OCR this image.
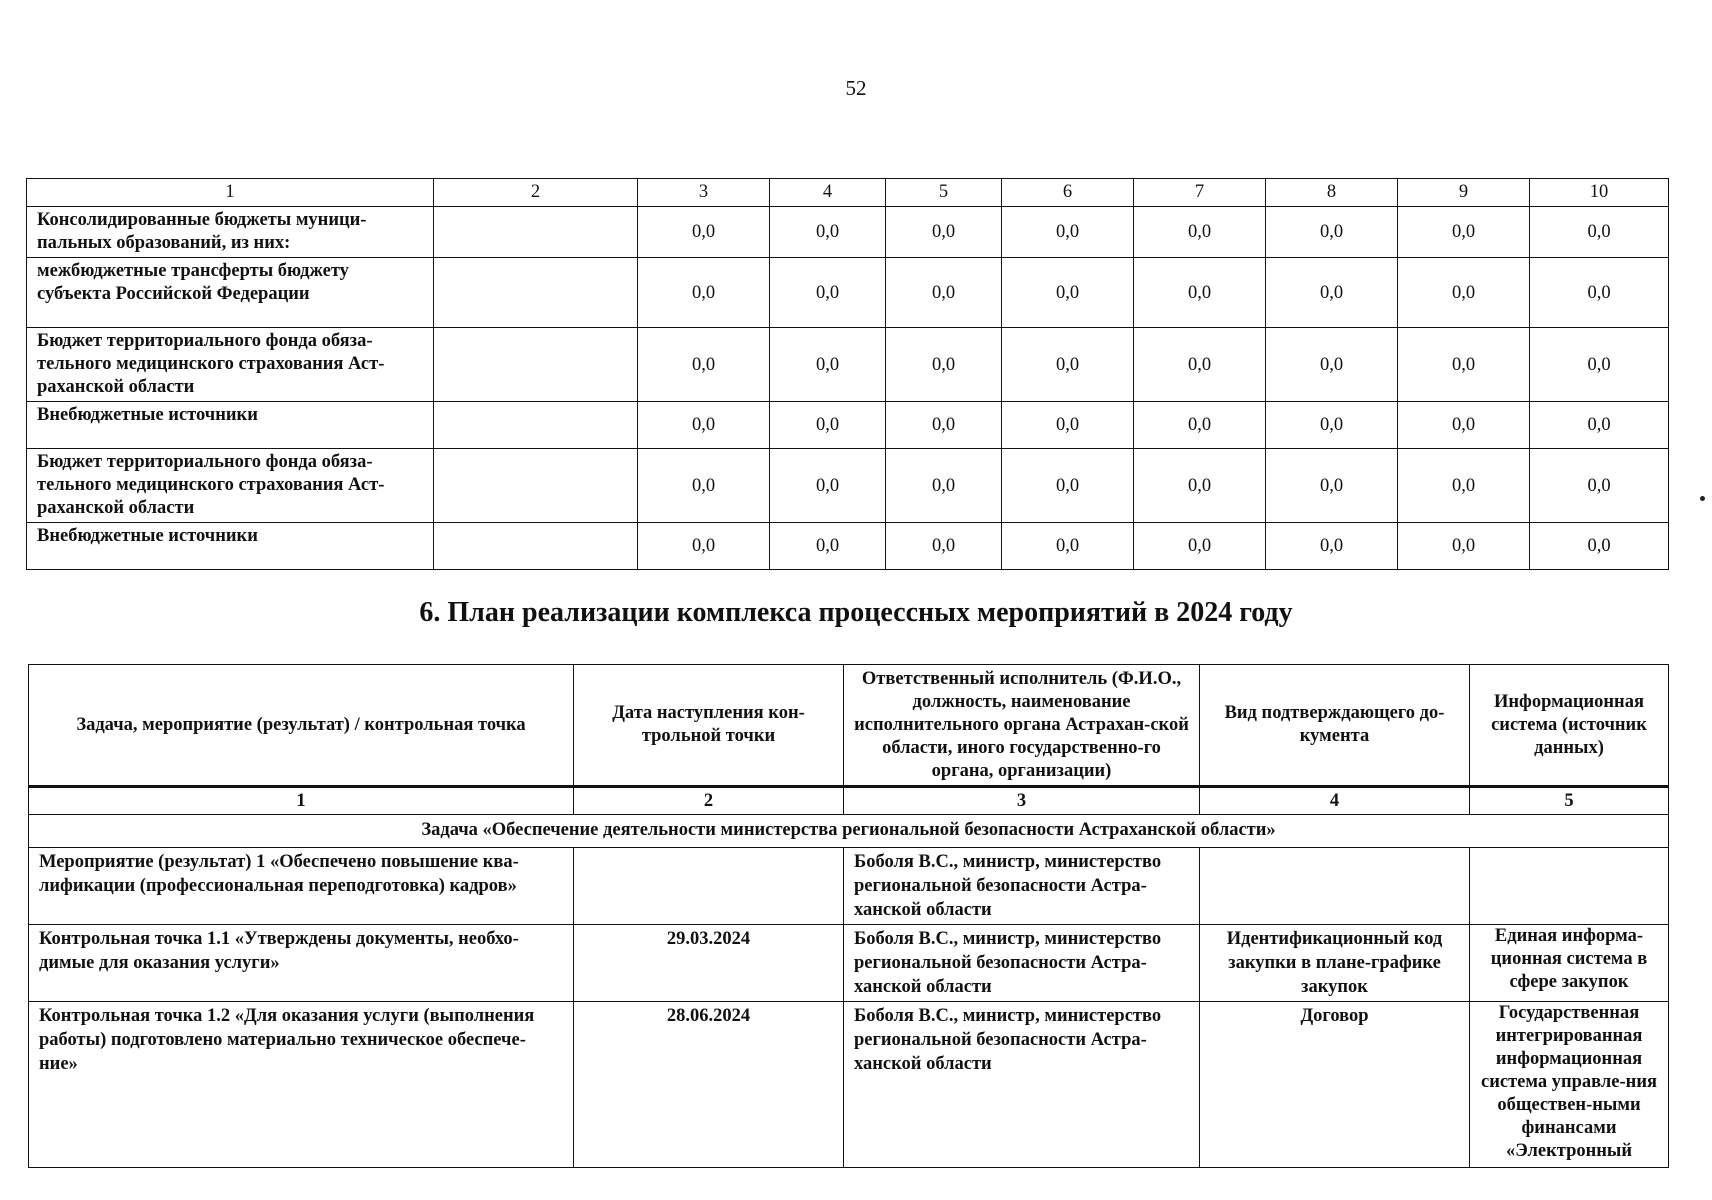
52
1	2	3	4	5	6	7	8	9	10
Консолидированные бюджеты муници-пальных образований, из них:		0,0	0,0	0,0	0,0	0,0	0,0	0,0	0,0
межбюджетные трансферты бюджету субъекта Российской Федерации		0,0	0,0	0,0	0,0	0,0	0,0	0,0	0,0
Бюджет территориального фонда обяза-тельного медицинского страхования Аст-раханской области		0,0	0,0	0,0	0,0	0,0	0,0	0,0	0,0
Внебюджетные источники		0,0	0,0	0,0	0,0	0,0	0,0	0,0	0,0
Бюджет территориального фонда обяза-тельного медицинского страхования Аст-раханской области		0,0	0,0	0,0	0,0	0,0	0,0	0,0	0,0
Внебюджетные источники		0,0	0,0	0,0	0,0	0,0	0,0	0,0	0,0
6. План реализации комплекса процессных мероприятий в 2024 году
Задача, мероприятие (результат) / контрольная точка	Дата наступления кон-трольной точки	Ответственный исполнитель (Ф.И.О., должность, наименование исполнительного органа Астрахан-ской области, иного государственно-го органа, организации)	Вид подтверждающего до-кумента	Информационная система (источник данных)
1	2	3	4	5
Задача «Обеспечение деятельности министерства региональной безопасности Астраханской области»				
Мероприятие (результат) 1 «Обеспечено повышение ква-лификации (профессиональная переподготовка) кадров»		Боболя В.С., министр, министерство региональной безопасности Астра-ханской области		
Контрольная точка 1.1 «Утверждены документы, необхо-димые для оказания услуги»	29.03.2024	Боболя В.С., министр, министерство региональной безопасности Астра-ханской области	Идентификационный код закупки в плане-графике закупок	Единая информа-ционная система в сфере закупок
Контрольная точка 1.2 «Для оказания услуги (выполнения работы) подготовлено материально техническое обеспече-ние»	28.06.2024	Боболя В.С., министр, министерство региональной безопасности Астра-ханской области	Договор	Государственная интегрированная информационная система управле-ния обществен-ными финансами «Электронный
